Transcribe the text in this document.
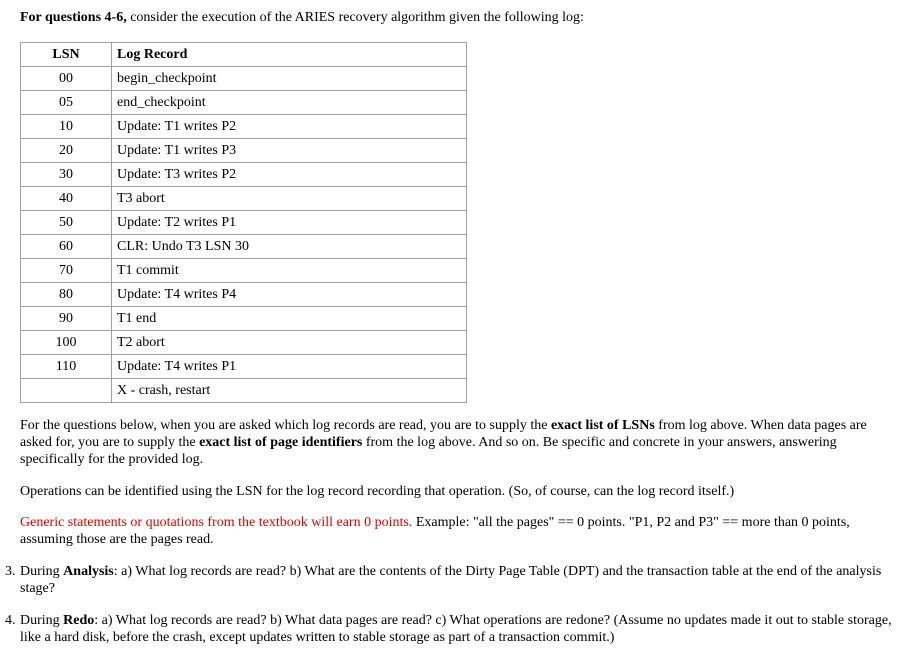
For questions 4-6, consider the execution of the ARIES recovery algorithm given the following log:

LSN	Log Record
00	begin_checkpoint
05	end_checkpoint
10	Update: T1 writes P2
20	Update: T1 writes P3
30	Update: T3 writes P2
40	T3 abort
50	Update: T2 writes P1
60	CLR: Undo T3 LSN 30
70	T1 commit
80	Update: T4 writes P4
90	T1 end
100	T2 abort
110	Update: T4 writes P1
	X - crash, restart

For the questions below, when you are asked which log records are read, you are to supply the exact list of LSNs from log above. When data pages are asked for, you are to supply the exact list of page identifiers from the log above. And so on. Be specific and concrete in your answers, answering specifically for the provided log.

Operations can be identified using the LSN for the log record recording that operation. (So, of course, can the log record itself.)

Generic statements or quotations from the textbook will earn 0 points. Example: "all the pages" == 0 points. "P1, P2 and P3" == more than 0 points, assuming those are the pages read.

3. During Analysis: a) What log records are read? b) What are the contents of the Dirty Page Table (DPT) and the transaction table at the end of the analysis stage?
4. During Redo: a) What log records are read? b) What data pages are read? c) What operations are redone? (Assume no updates made it out to stable storage, like a hard disk, before the crash, except updates written to stable storage as part of a transaction commit.)
